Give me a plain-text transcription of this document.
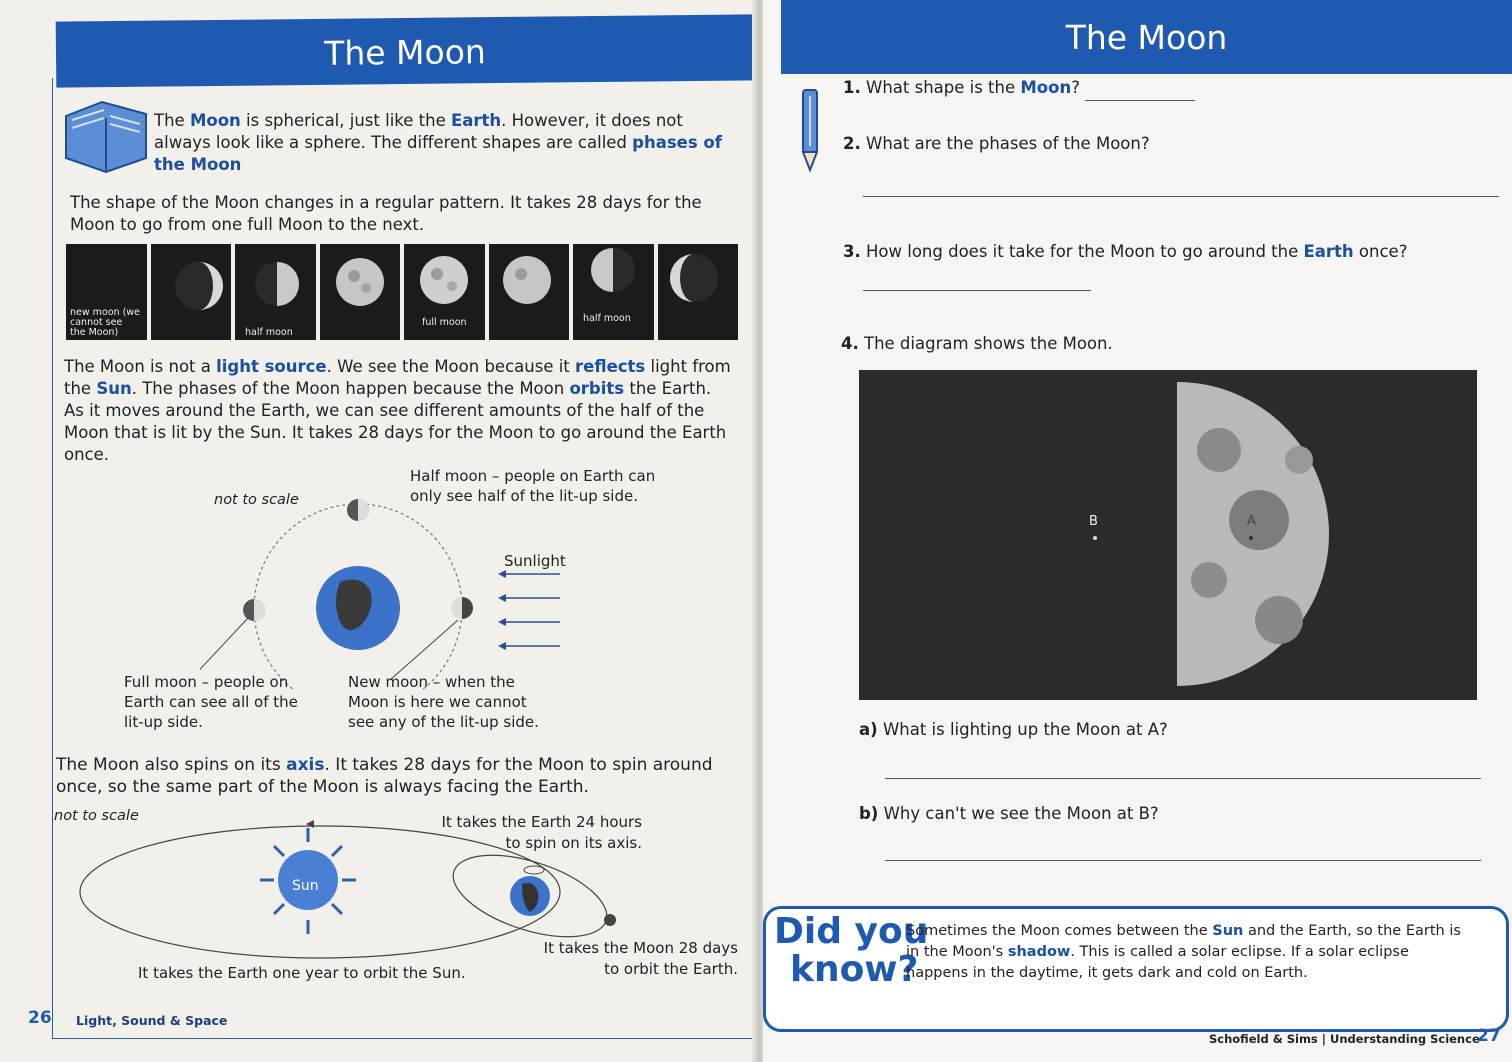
The Moon
The Moon is spherical, just like the Earth. However, it does not always look like a sphere. The different shapes are called phases of the Moon
The shape of the Moon changes in a regular pattern. It takes 28 days for the Moon to go from one full Moon to the next.
new moon (we cannot see the Moon)	half moon
full moon	half moon
The Moon is not a light source. We see the Moon because it reflects light from the Sun. The phases of the Moon happen because the Moon orbits the Earth. As it moves around the Earth, we can see different amounts of the half of the Moon that is lit by the Sun. It takes 28 days for the Moon to go around the Earth once.
not to scale
Half moon – people on Earth can only see half of the lit-up side.
Sunlight
Full moon – people on Earth can see all of the lit-up side.
New moon – when the Moon is here we cannot see any of the lit-up side.
The Moon also spins on its axis. It takes 28 days for the Moon to spin around once, so the same part of the Moon is always facing the Earth.
Sun
not to scale	It takes the Earth 24 hours to spin on its axis.
It takes the Moon 28 days to orbit the Earth.
It takes the Earth one year to orbit the Sun.
26 Light, Sound & Space
The Moon
1. What shape is the Moon?
2. What are the phases of the Moon?
3. How long does it take for the Moon to go around the Earth once?
4. The diagram shows the Moon.
B	A
a) What is lighting up the Moon at A?
b) Why can't we see the Moon at B?
Did you
know?
Sometimes the Moon comes between the Sun and the Earth, so the Earth is in the Moon's shadow. This is called a solar eclipse. If a solar eclipse happens in the daytime, it gets dark and cold on Earth.
Schofield & Sims | Understanding Science
27
